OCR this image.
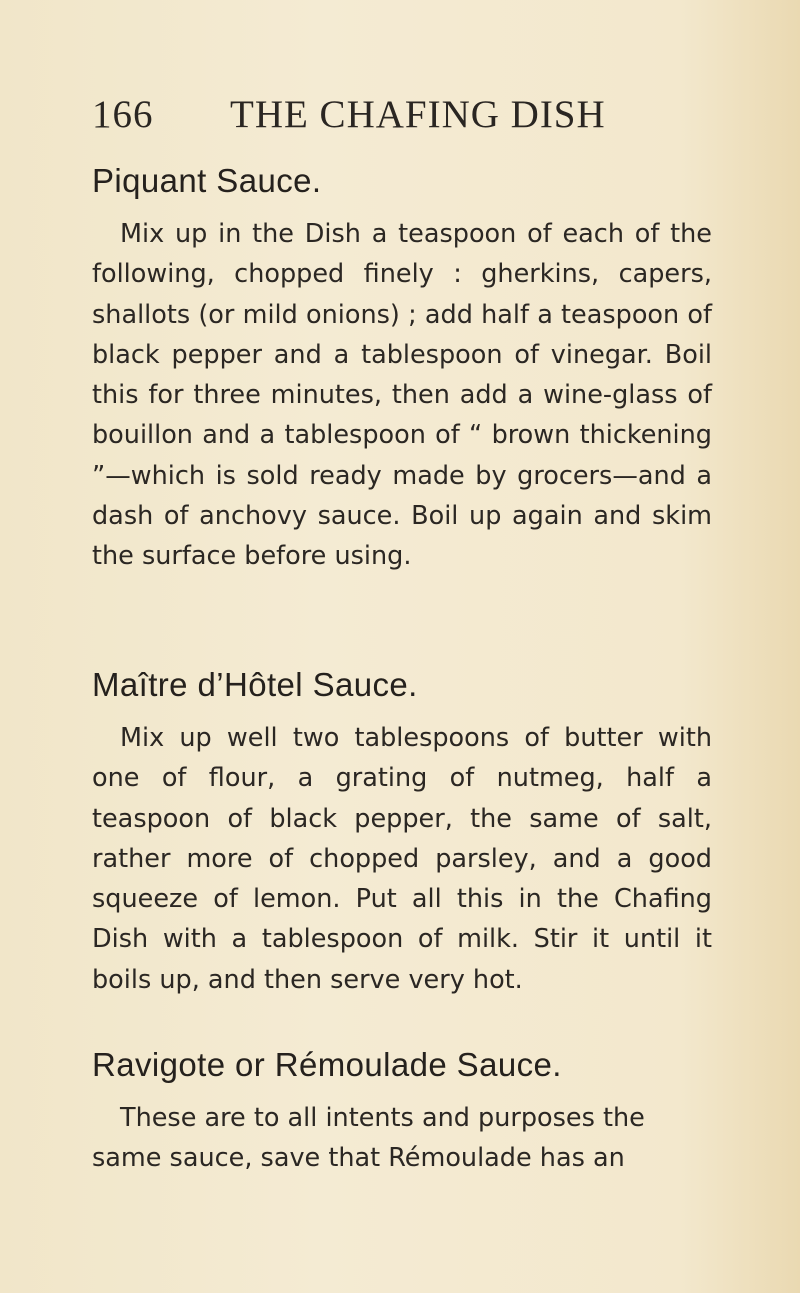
166 THE CHAFING DISH
Piquant Sauce.

Mix up in the Dish a teaspoon of each of the following, chopped finely : gherkins, capers, shallots (or mild onions) ; add half a teaspoon of black pepper and a tablespoon of vinegar. Boil this for three minutes, then add a wine-glass of bouillon and a tablespoon of “ brown thickening ”—which is sold ready made by grocers—and a dash of anchovy sauce. Boil up again and skim the surface before using.

Maître d’Hôtel Sauce.

Mix up well two tablespoons of butter with one of flour, a grating of nutmeg, half a teaspoon of black pepper, the same of salt, rather more of chopped parsley, and a good squeeze of lemon. Put all this in the Chafing Dish with a tablespoon of milk. Stir it until it boils up, and then serve very hot.

Ravigote or Rémoulade Sauce.

These are to all intents and purposes the same sauce, save that Rémoulade has an
